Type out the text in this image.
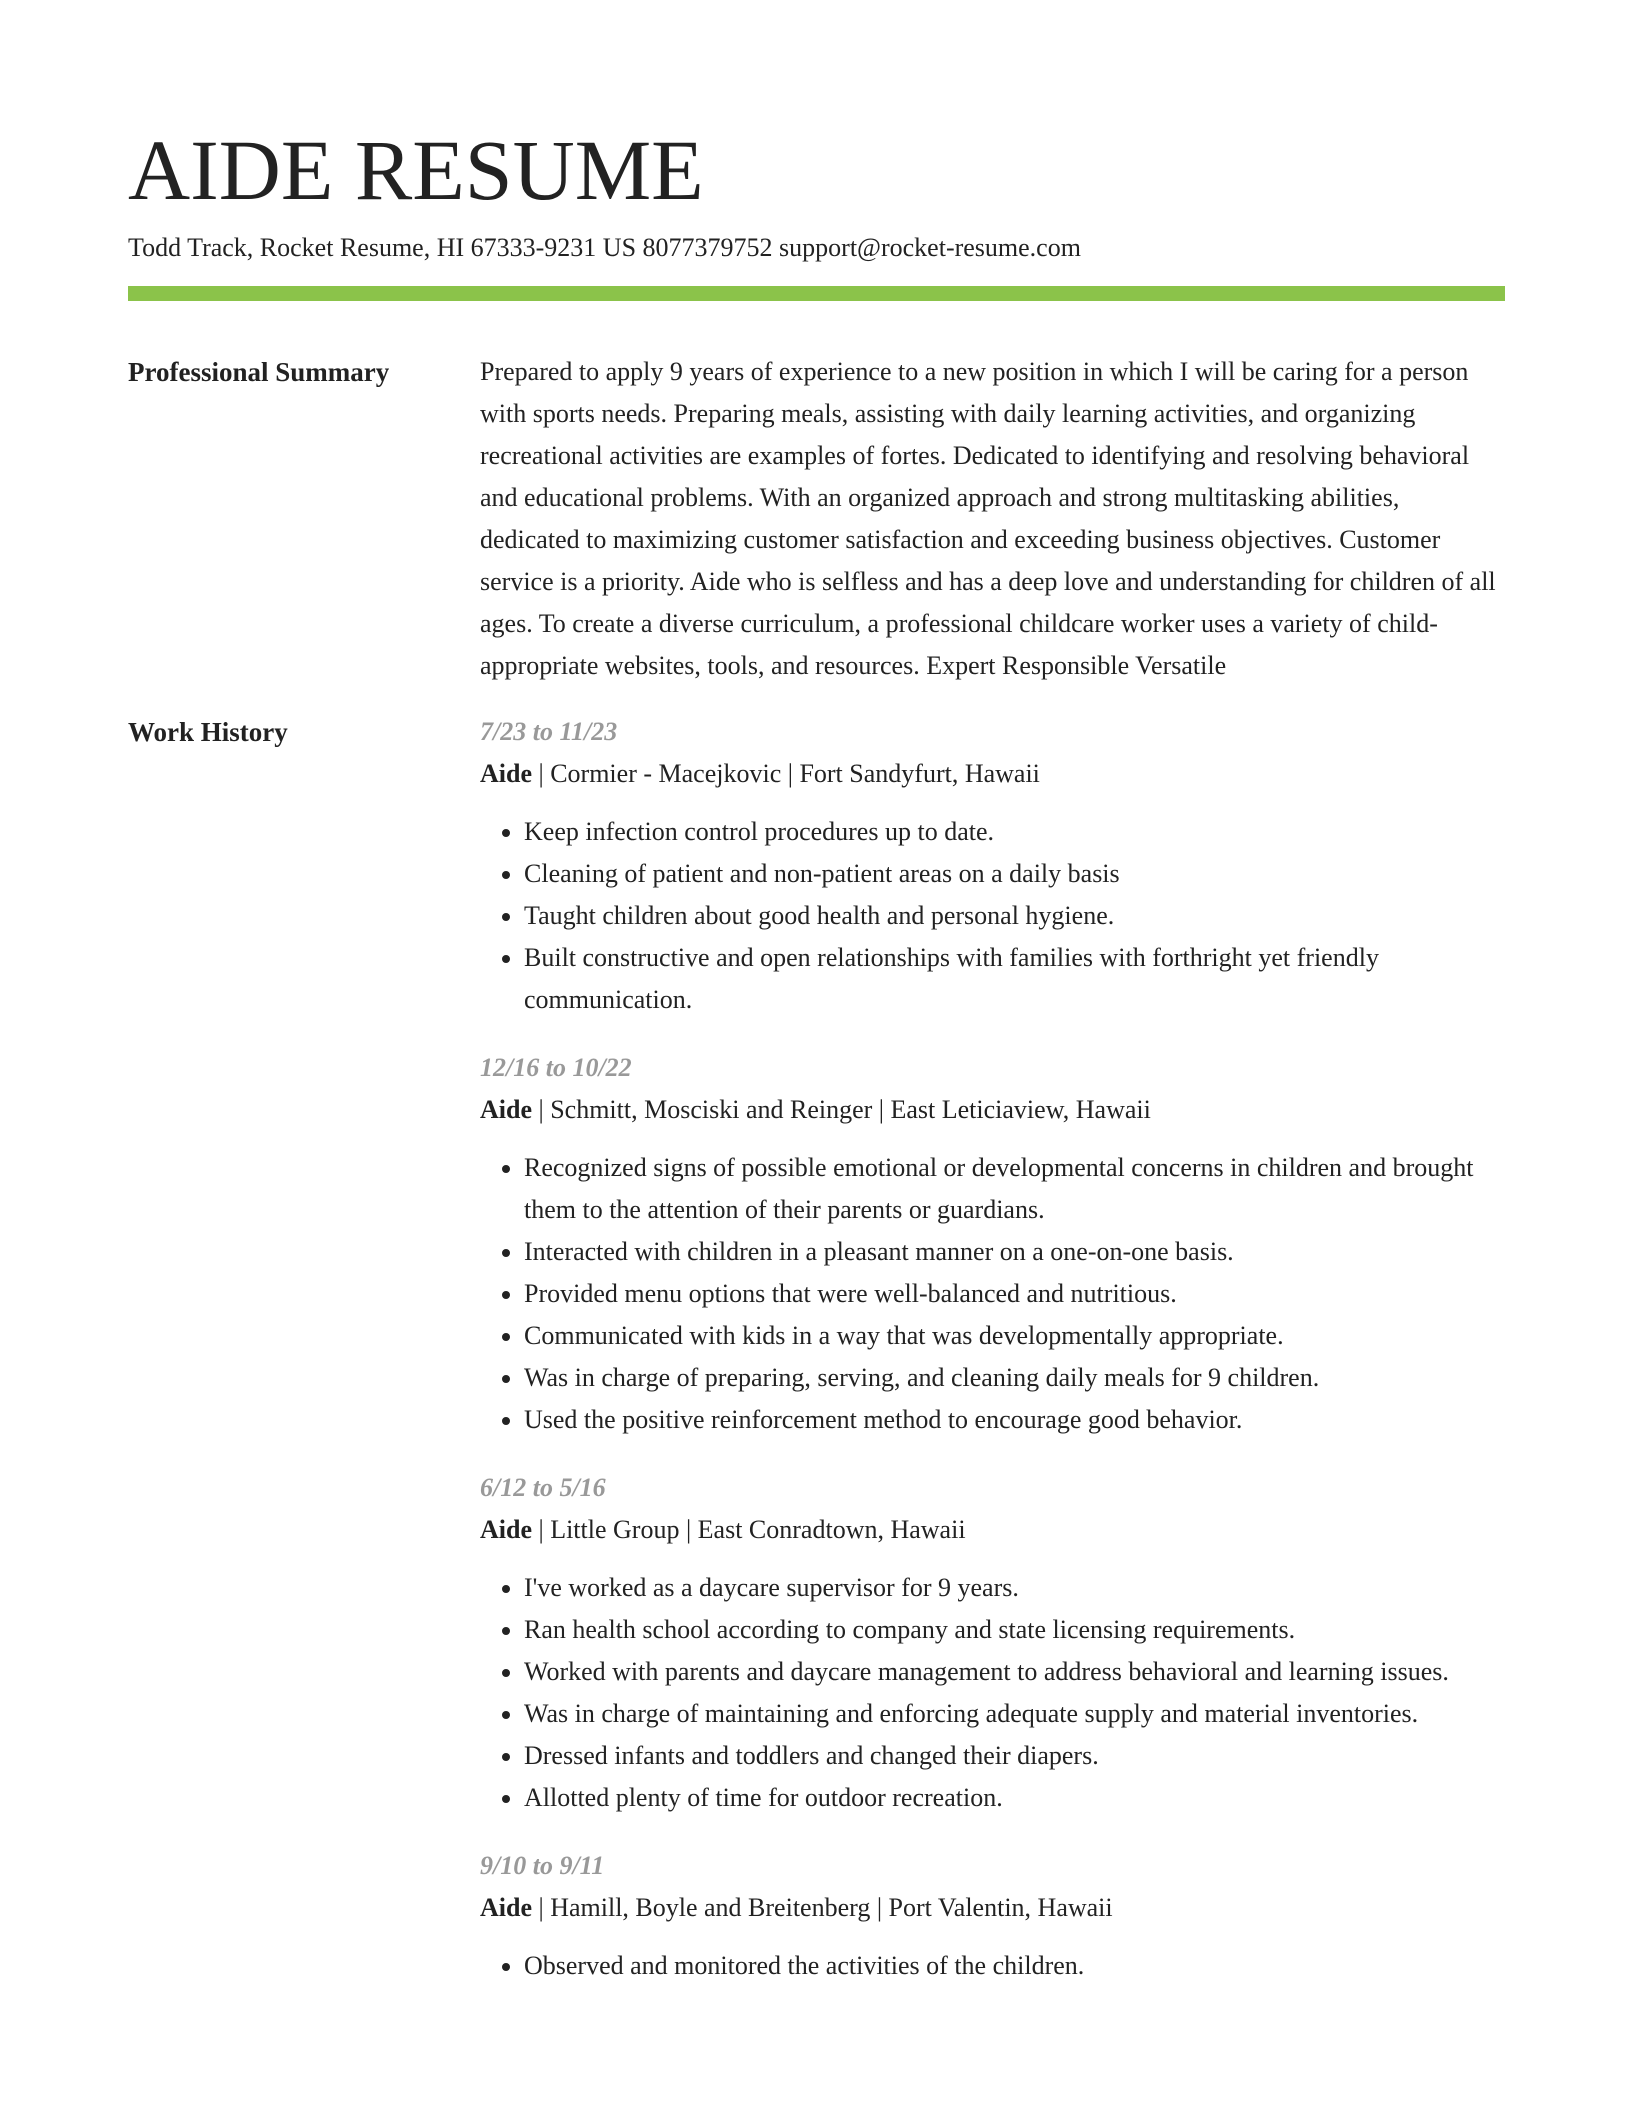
AIDE RESUME
Todd Track, Rocket Resume, HI 67333-9231 US 8077379752 support@rocket-resume.com
Professional Summary	Prepared to apply 9 years of experience to a new position in which I will be caring for a person with sports needs. Preparing meals, assisting with daily learning activities, and organizing recreational activities are examples of fortes. Dedicated to identifying and resolving behavioral and educational problems. With an organized approach and strong multitasking abilities, dedicated to maximizing customer satisfaction and exceeding business objectives. Customer service is a priority. Aide who is selfless and has a deep love and understanding for children of all ages. To create a diverse curriculum, a professional childcare worker uses a variety of child-appropriate websites, tools, and resources. Expert Responsible Versatile

Work History	7/23 to 11/23
Aide | Cormier - Macejkovic | Fort Sandyfurt, Hawaii
• Keep infection control procedures up to date.
• Cleaning of patient and non-patient areas on a daily basis
• Taught children about good health and personal hygiene.
• Built constructive and open relationships with families with forthright yet friendly communication.
12/16 to 10/22
Aide | Schmitt, Mosciski and Reinger | East Leticiaview, Hawaii
• Recognized signs of possible emotional or developmental concerns in children and brought them to the attention of their parents or guardians.
• Interacted with children in a pleasant manner on a one-on-one basis.
• Provided menu options that were well-balanced and nutritious.
• Communicated with kids in a way that was developmentally appropriate.
• Was in charge of preparing, serving, and cleaning daily meals for 9 children.
• Used the positive reinforcement method to encourage good behavior.
6/12 to 5/16
Aide | Little Group | East Conradtown, Hawaii
• I've worked as a daycare supervisor for 9 years.
• Ran health school according to company and state licensing requirements.
• Worked with parents and daycare management to address behavioral and learning issues.
• Was in charge of maintaining and enforcing adequate supply and material inventories.
• Dressed infants and toddlers and changed their diapers.
• Allotted plenty of time for outdoor recreation.
9/10 to 9/11
Aide | Hamill, Boyle and Breitenberg | Port Valentin, Hawaii
• Observed and monitored the activities of the children.
